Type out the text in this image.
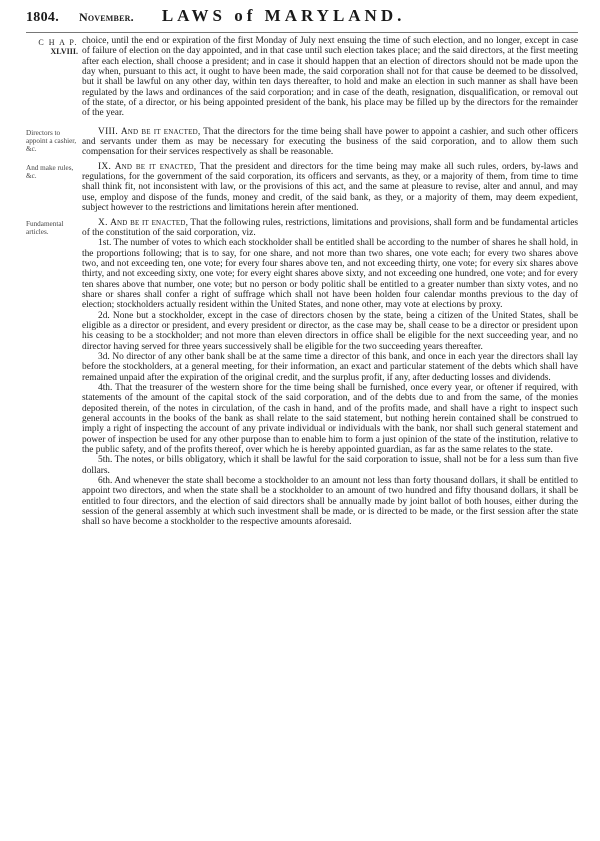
1804. November. LAWS of MARYLAND.
C H A P.
XLVIII.

choice, until the end or expiration of the first Monday of July next ensuing the time of such election, and no longer, except in case of failure of election on the day appointed, and in that case until such election takes place; and the said directors, at the first meeting after each election, shall choose a president; and in case it should happen that an election of directors should not be made upon the day when, pursuant to this act, it ought to have been made, the said corporation shall not for that cause be deemed to be dissolved, but it shall be lawful on any other day, within ten days thereafter, to hold and make an election in such manner as shall have been regulated by the laws and ordinances of the said corporation; and in case of the death, resignation, disqualification, or removal out of the state, of a director, or his being appointed president of the bank, his place may be filled up by the directors for the remainder of the year.

Directors to appoint a cashier, &c.

VIII. And be it enacted, That the directors for the time being shall have power to appoint a cashier, and such other officers and servants under them as may be necessary for executing the business of the said corporation, and to allow them such compensation for their services respectively as shall be reasonable.

And make rules, &c.

IX. And be it enacted, That the president and directors for the time being may make all such rules, orders, by-laws and regulations, for the government of the said corporation, its officers and servants, as they, or a majority of them, from time to time shall think fit, not inconsistent with law, or the provisions of this act, and the same at pleasure to revise, alter and annul, and may use, employ and dispose of the funds, money and credit, of the said bank, as they, or a majority of them, may deem expedient, subject however to the restrictions and limitations herein after mentioned.

Fundamental articles.

X. And be it enacted, That the following rules, restrictions, limitations and provisions, shall form and be fundamental articles of the constitution of the said corporation, viz.

1st. The number of votes to which each stockholder shall be entitled shall be according to the number of shares he shall hold, in the proportions following; that is to say, for one share, and not more than two shares, one vote each; for every two shares above two, and not exceeding ten, one vote; for every four shares above ten, and not exceeding thirty, one vote; for every six shares above thirty, and not exceeding sixty, one vote; for every eight shares above sixty, and not exceeding one hundred, one vote; and for every ten shares above that number, one vote; but no person or body politic shall be entitled to a greater number than sixty votes, and no share or shares shall confer a right of suffrage which shall not have been holden four calendar months previous to the day of election; stockholders actually resident within the United States, and none other, may vote at elections by proxy.

2d. None but a stockholder, except in the case of directors chosen by the state, being a citizen of the United States, shall be eligible as a director or president, and every president or director, as the case may be, shall cease to be a director or president upon his ceasing to be a stockholder; and not more than eleven directors in office shall be eligible for the next succeeding year, and no director having served for three years successively shall be eligible for the two succeeding years thereafter.

3d. No director of any other bank shall be at the same time a director of this bank, and once in each year the directors shall lay before the stockholders, at a general meeting, for their information, an exact and particular statement of the debts which shall have remained unpaid after the expiration of the original credit, and the surplus profit, if any, after deducting losses and dividends.

4th. That the treasurer of the western shore for the time being shall be furnished, once every year, or oftener if required, with statements of the amount of the capital stock of the said corporation, and of the debts due to and from the same, of the monies deposited therein, of the notes in circulation, of the cash in hand, and of the profits made, and shall have a right to inspect such general accounts in the books of the bank as shall relate to the said statement, but nothing herein contained shall be construed to imply a right of inspecting the account of any private individual or individuals with the bank, nor shall such general statement and power of inspection be used for any other purpose than to enable him to form a just opinion of the state of the institution, relative to the public safety, and of the profits thereof, over which he is hereby appointed guardian, as far as the same relates to the state.

5th. The notes, or bills obligatory, which it shall be lawful for the said corporation to issue, shall not be for a less sum than five dollars.

6th. And whenever the state shall become a stockholder to an amount not less than forty thousand dollars, it shall be entitled to appoint two directors, and when the state shall be a stockholder to an amount of two hundred and fifty thousand dollars, it shall be entitled to four directors, and the election of said directors shall be annually made by joint ballot of both houses, either during the session of the general assembly at which such investment shall be made, or is directed to be made, or the first session after the state shall so have become a stockholder to the respective amounts aforesaid.
